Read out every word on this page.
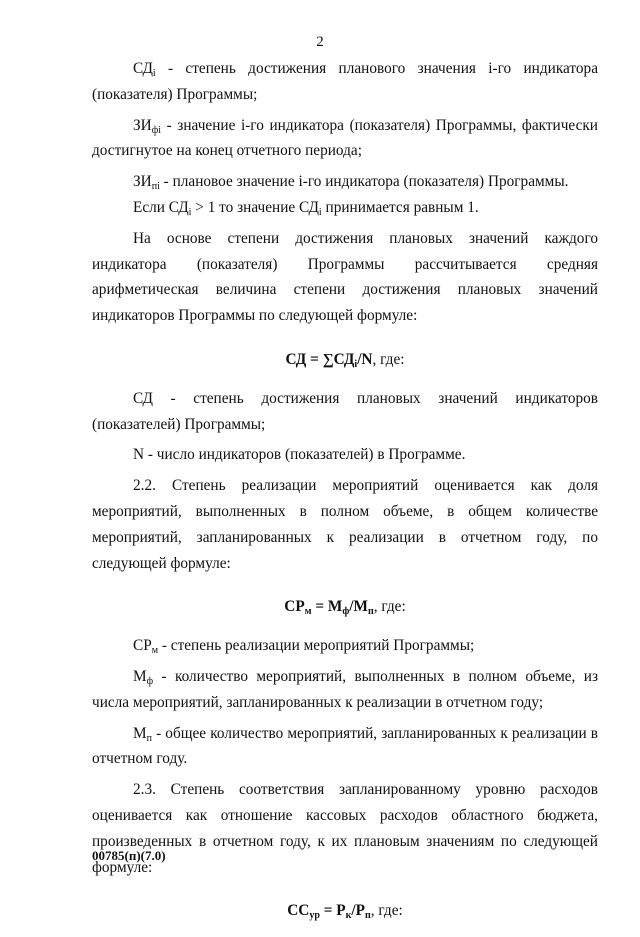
2

$СД_i$ - степень достижения планового значения i-го индикатора (показателя) Программы;

$ЗИ_{фi}$ - значение i-го индикатора (показателя) Программы, фактически достигнутое на конец отчетного периода;

$ЗИ_{пi}$ - плановое значение i-го индикатора (показателя) Программы.

Если $СД_i > 1$ то значение $СД_i$ принимается равным 1.

На основе степени достижения плановых значений каждого индикатора (показателя) Программы рассчитывается средняя арифметическая величина степени достижения плановых значений индикаторов Программы по следующей формуле:

СД = $\sum СД_i/N$, где:

СД - степень достижения плановых значений индикаторов (показателей) Программы;

N - число индикаторов (показателей) в Программе.

2.2. Степень реализации мероприятий оценивается как доля мероприятий, выполненных в полном объеме, в общем количестве мероприятий, запланированных к реализации в отчетном году, по следующей формуле:

$СР_м = М_ф/М_п$, где:

$СР_м$ - степень реализации мероприятий Программы;

$М_ф$ - количество мероприятий, выполненных в полном объеме, из числа мероприятий, запланированных к реализации в отчетном году;

$М_п$ - общее количество мероприятий, запланированных к реализации в отчетном году.

2.3. Степень соответствия запланированному уровню расходов оценивается как отношение кассовых расходов областного бюджета, произведенных в отчетном году, к их плановым значениям по следующей формуле:

$СС_{ур} = Р_к/Р_п$, где:

00785(п)(7.0)
